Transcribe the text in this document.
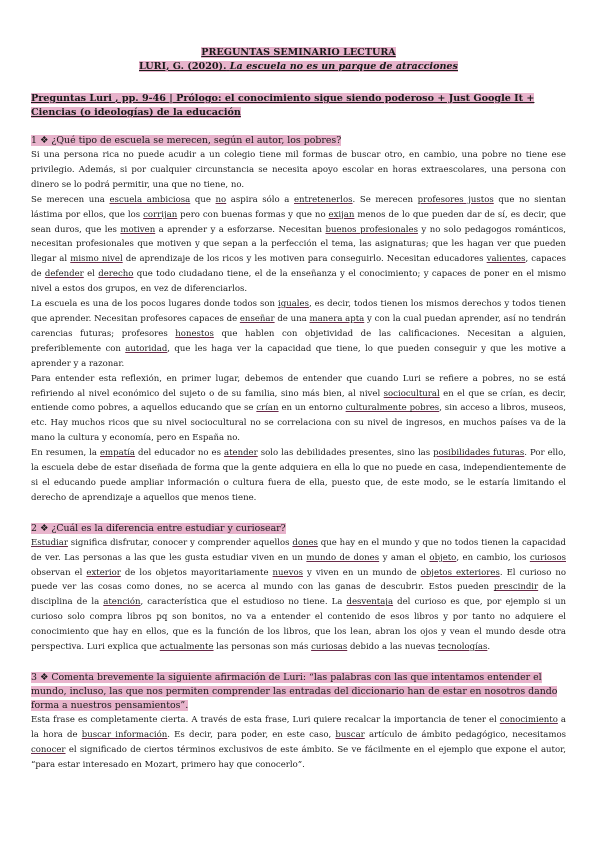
PREGUNTAS SEMINARIO LECTURA
LURI, G. (2020). La escuela no es un parque de atracciones
Preguntas Luri , pp. 9-46 | Prólogo: el conocimiento sigue siendo poderoso + Just Google It + Ciencias (o ideologías) de la educación
1 ❖ ¿Qué tipo de escuela se merecen, según el autor, los pobres?

Si una persona rica no puede acudir a un colegio tiene mil formas de buscar otro, en cambio, una pobre no tiene ese privilegio. Además, si por cualquier circunstancia se necesita apoyo escolar en horas extraescolares, una persona con dinero se lo podrá permitir, una que no tiene, no.

Se merecen una escuela ambiciosa que no aspira sólo a entretenerlos. Se merecen profesores justos que no sientan lástima por ellos, que los corrijan pero con buenas formas y que no exijan menos de lo que pueden dar de sí, es decir, que sean duros, que les motiven a aprender y a esforzarse. Necesitan buenos profesionales y no solo pedagogos románticos, necesitan profesionales que motiven y que sepan a la perfección el tema, las asignaturas; que les hagan ver que pueden llegar al mismo nivel de aprendizaje de los ricos y les motiven para conseguirlo. Necesitan educadores valientes, capaces de defender el derecho que todo ciudadano tiene, el de la enseñanza y el conocimiento; y capaces de poner en el mismo nivel a estos dos grupos, en vez de diferenciarlos.

La escuela es una de los pocos lugares donde todos son iguales, es decir, todos tienen los mismos derechos y todos tienen que aprender. Necesitan profesores capaces de enseñar de una manera apta y con la cual puedan aprender, así no tendrán carencias futuras; profesores honestos que hablen con objetividad de las calificaciones. Necesitan a alguien, preferiblemente con autoridad, que les haga ver la capacidad que tiene, lo que pueden conseguir y que les motive a aprender y a razonar.

Para entender esta reflexión, en primer lugar, debemos de entender que cuando Luri se refiere a pobres, no se está refiriendo al nivel económico del sujeto o de su familia, sino más bien, al nivel sociocultural en el que se crían, es decir, entiende como pobres, a aquellos educando que se crían en un entorno culturalmente pobres, sin acceso a libros, museos, etc. Hay muchos ricos que su nivel sociocultural no se correlaciona con su nivel de ingresos, en muchos países va de la mano la cultura y economía, pero en España no.

En resumen, la empatía del educador no es atender solo las debilidades presentes, sino las posibilidades futuras. Por ello, la escuela debe de estar diseñada de forma que la gente adquiera en ella lo que no puede en casa, independientemente de si el educando puede ampliar información o cultura fuera de ella, puesto que, de este modo, se le estaría limitando el derecho de aprendizaje a aquellos que menos tiene.

2 ❖ ¿Cuál es la diferencia entre estudiar y curiosear?

Estudiar significa disfrutar, conocer y comprender aquellos dones que hay en el mundo y que no todos tienen la capacidad de ver. Las personas a las que les gusta estudiar viven en un mundo de dones y aman el objeto, en cambio, los curiosos observan el exterior de los objetos mayoritariamente nuevos y viven en un mundo de objetos exteriores. El curioso no puede ver las cosas como dones, no se acerca al mundo con las ganas de descubrir. Estos pueden prescindir de la disciplina de la atención, característica que el estudioso no tiene. La desventaja del curioso es que, por ejemplo si un curioso solo compra libros pq son bonitos, no va a entender el contenido de esos libros y por tanto no adquiere el conocimiento que hay en ellos, que es la función de los libros, que los lean, abran los ojos y vean el mundo desde otra perspectiva. Luri explica que actualmente las personas son más curiosas debido a las nuevas tecnologías.

3 ❖ Comenta brevemente la siguiente afirmación de Luri: “las palabras con las que intentamos entender el mundo, incluso, las que nos permiten comprender las entradas del diccionario han de estar en nosotros dando forma a nuestros pensamientos”.

Esta frase es completamente cierta. A través de esta frase, Luri quiere recalcar la importancia de tener el conocimiento a la hora de buscar información. Es decir, para poder, en este caso, buscar artículo de ámbito pedagógico, necesitamos conocer el significado de ciertos términos exclusivos de este ámbito. Se ve fácilmente en el ejemplo que expone el autor, “para estar interesado en Mozart, primero hay que conocerlo”.
